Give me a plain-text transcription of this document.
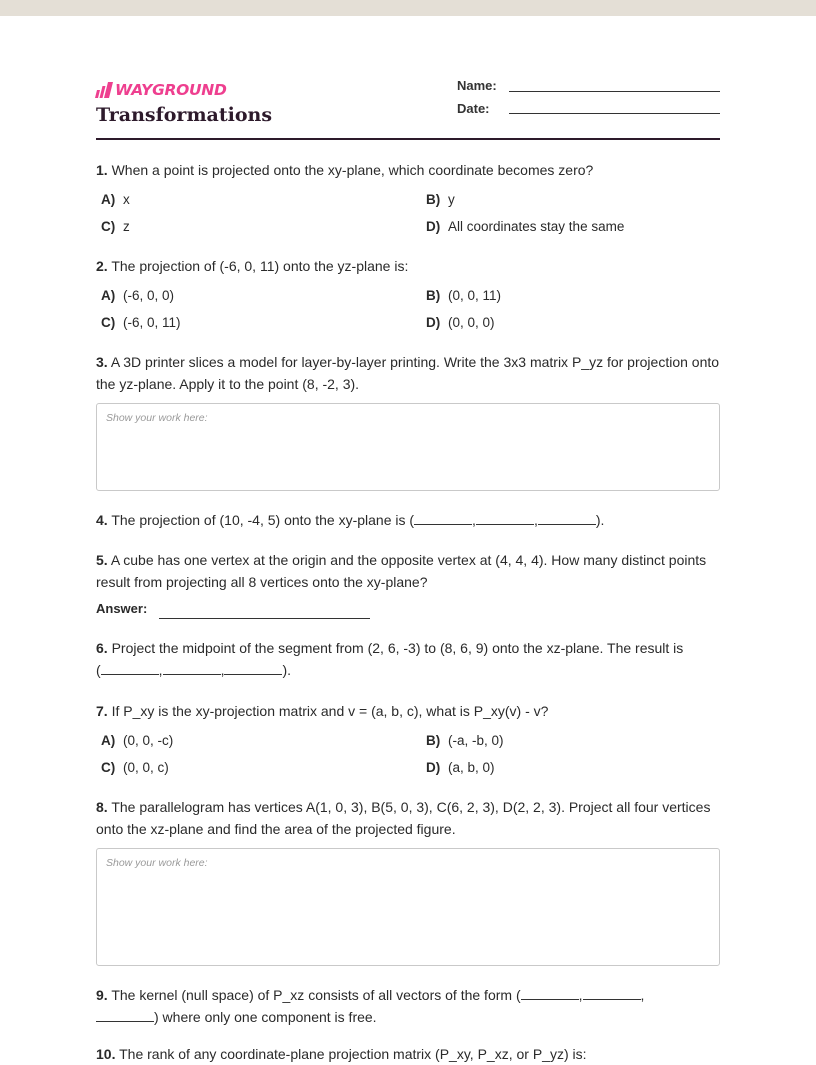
WAYGROUND
Transformations
Name:
Date:
1. When a point is projected onto the xy-plane, which coordinate becomes zero?
A) x	B) y
C) z	D) All coordinates stay the same
2. The projection of (-6, 0, 11) onto the yz-plane is:
A) (-6, 0, 0)	B) (0, 0, 11)
C) (-6, 0, 11)	D) (0, 0, 0)
3. A 3D printer slices a model for layer-by-layer printing. Write the 3x3 matrix P_yz for projection onto the yz-plane. Apply it to the point (8, -2, 3).
Show your work here:
4. The projection of (10, -4, 5) onto the xy-plane is (	,	,	).
5. A cube has one vertex at the origin and the opposite vertex at (4, 4, 4). How many distinct points result from projecting all 8 vertices onto the xy-plane?
Answer:
6. Project the midpoint of the segment from (2, 6, -3) to (8, 6, 9) onto the xz-plane. The result is
(	,	,	).
7. If P_xy is the xy-projection matrix and v = (a, b, c), what is P_xy(v) - v?
A) (0, 0, -c)	B) (-a, -b, 0)
C) (0, 0, c)	D) (a, b, 0)
8. The parallelogram has vertices A(1, 0, 3), B(5, 0, 3), C(6, 2, 3), D(2, 2, 3). Project all four vertices onto the xz-plane and find the area of the projected figure.
Show your work here:
9. The kernel (null space) of P_xz consists of all vectors of the form (	,	,
) where only one component is free.
10. The rank of any coordinate-plane projection matrix (P_xy, P_xz, or P_yz) is:
